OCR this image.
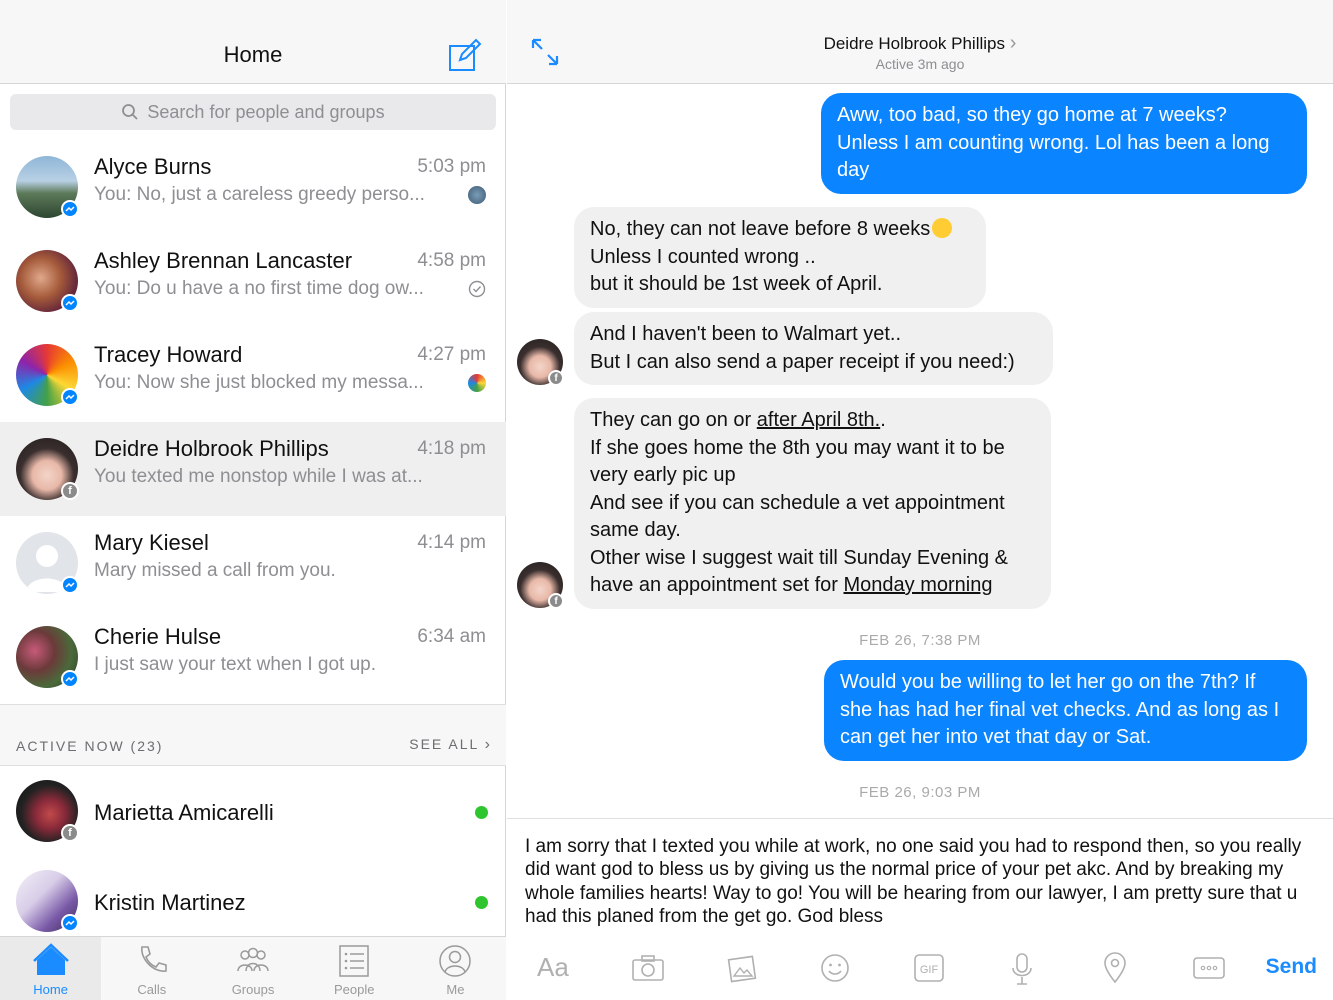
Home
Search for people and groups
Alyce Burns	5:03 pm
You: No, just a careless greedy perso...
Ashley Brennan Lancaster	4:58 pm
You: Do u have a no first time dog ow...
Tracey Howard	4:27 pm
You: Now she just blocked my messa...
f
Deidre Holbrook Phillips	4:18 pm
You texted me nonstop while I was at...
Mary Kiesel	4:14 pm
Mary missed a call from you.
Cherie Hulse	6:34 am
I just saw your text when I got up.
ACTIVE NOW (23)	SEE ALL ›
f
Marietta Amicarelli
Kristin Martinez
Home	Calls	Groups	People	Me
Deidre Holbrook Phillips ›
Active 3m ago
Aww, too bad, so they go home at 7 weeks? Unless I am counting wrong. Lol has been a long day
No, they can not leave before 8 weeks
Unless I counted wrong ..
but it should be 1st week of April.
And I haven't been to Walmart yet..
But I can also send a paper receipt if you need:)
f
They can go on or after April 8th..
If she goes home the 8th you may want it to be very early pic up
And see if you can schedule a vet appointment same day.
Other wise I suggest wait till Sunday Evening & have an appointment set for Monday morning
f
FEB 26, 7:38 PM
Would you be willing to let her go on the 7th? If she has had her final vet checks. And as long as I can get her into vet that day or Sat.
FEB 26, 9:03 PM
I am sorry that I texted you while at work, no one said you had to respond then, so you really did want god to bless us by giving us the normal price of your pet akc. And by breaking my whole families hearts! Way to go! You will be hearing from our lawyer, I am pretty sure that u had this planed from the get go. God bless
Aa	GIF	Send
